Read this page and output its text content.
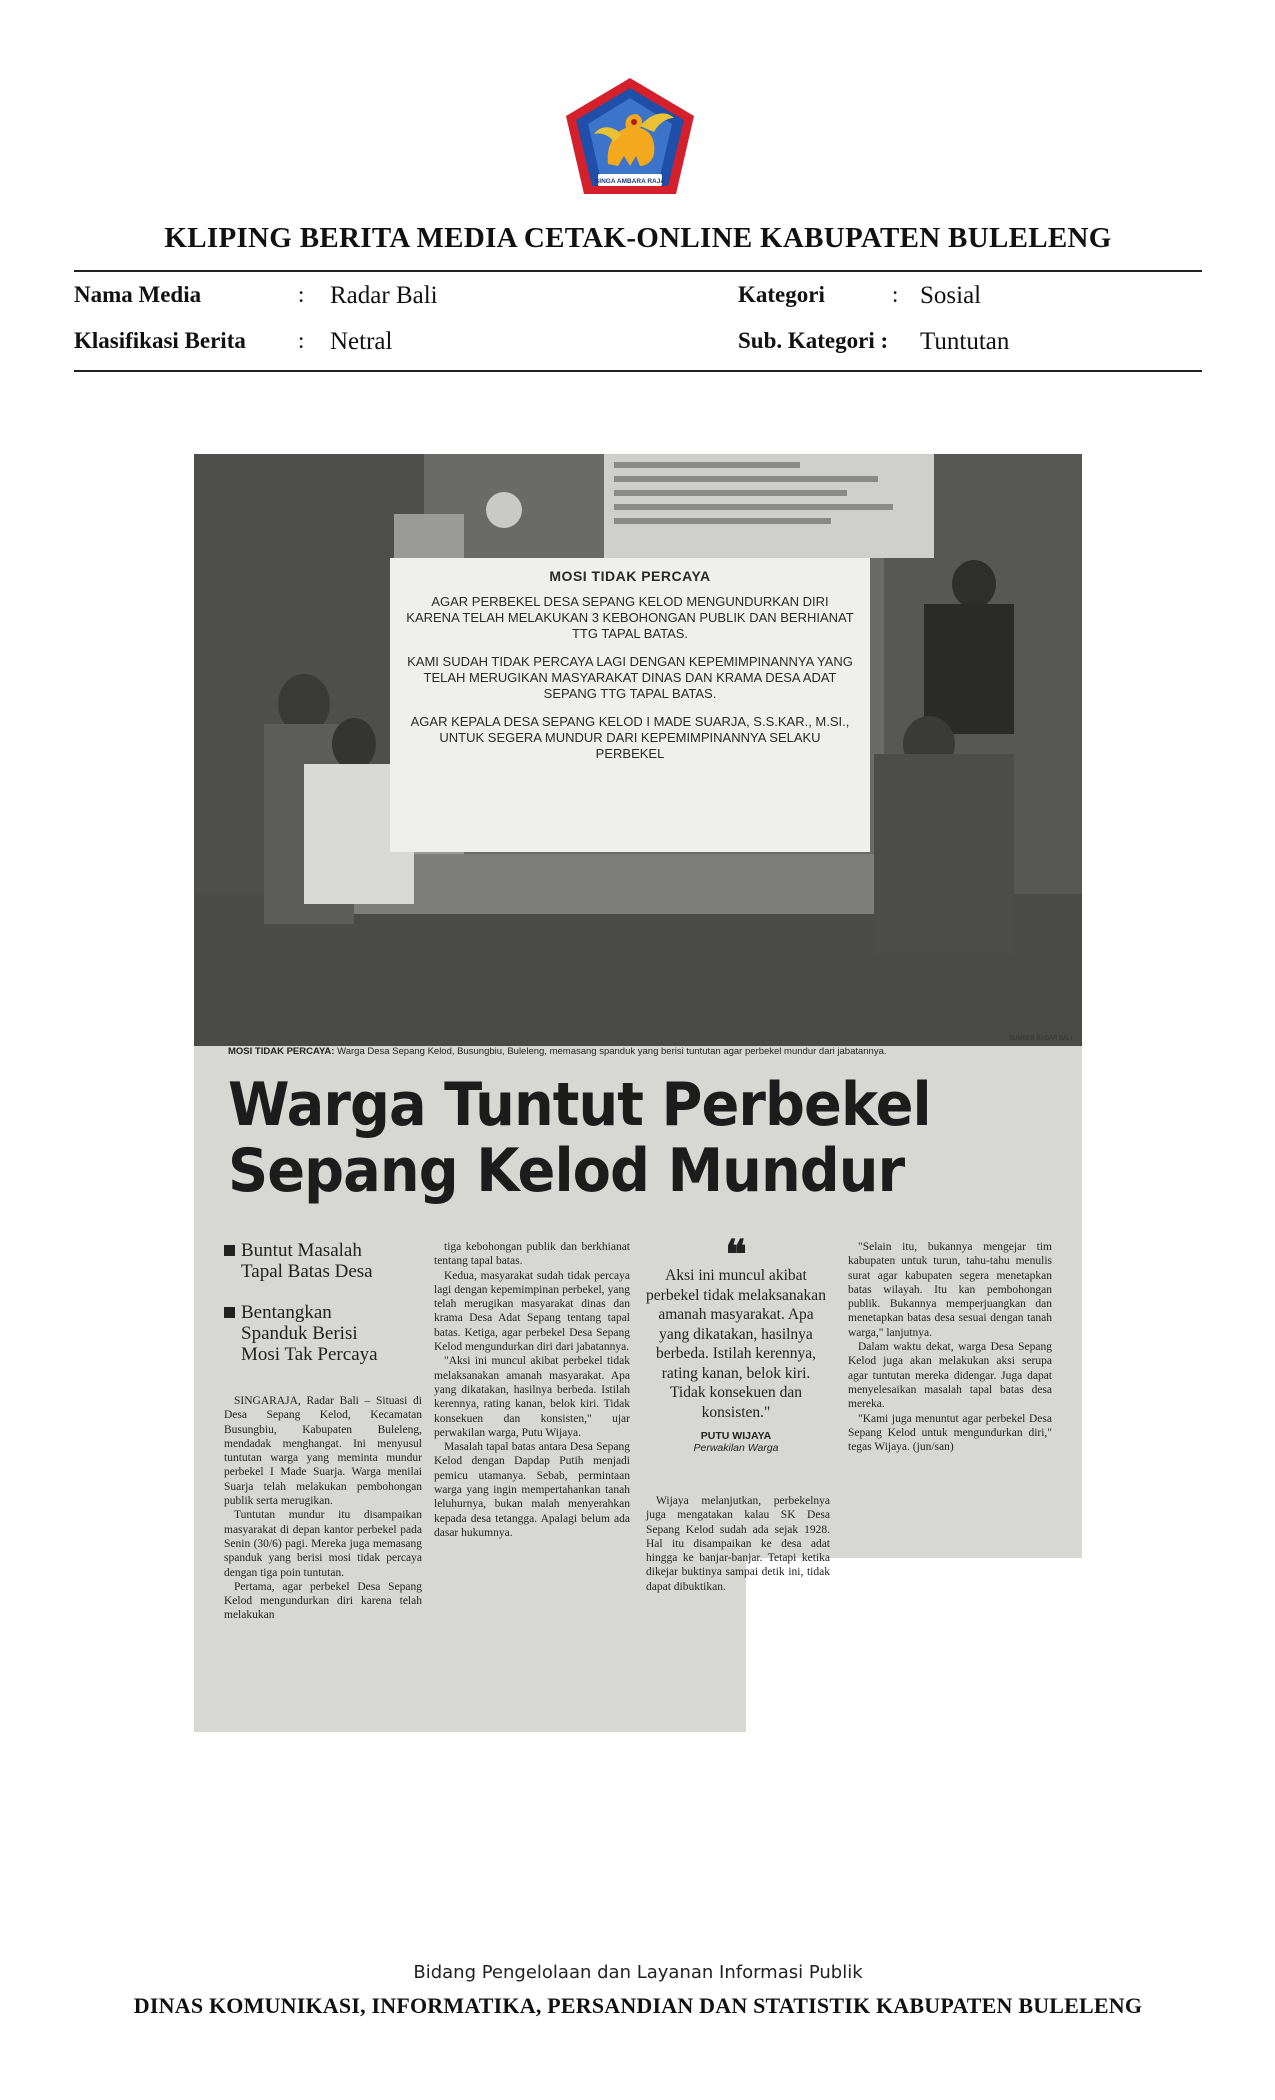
SINGA AMBARA RAJA
KLIPING BERITA MEDIA CETAK-ONLINE KABUPATEN BULELENG
Nama Media	: Radar Bali
Klasifikasi Berita : Netral
Kategori	: Sosial
Sub. Kategori : Tuntutan
MOSI TIDAK PERCAYA
AGAR PERBEKEL DESA SEPANG KELOD MENGUNDURKAN DIRI KARENA TELAH MELAKUKAN 3 KEBOHONGAN PUBLIK DAN BERHIANAT TTG TAPAL BATAS.
KAMI SUDAH TIDAK PERCAYA LAGI DENGAN KEPEMIMPINANNYA YANG TELAH MERUGIKAN MASYARAKAT DINAS DAN KRAMA DESA ADAT SEPANG TTG TAPAL BATAS.
AGAR KEPALA DESA SEPANG KELOD I MADE SUARJA, S.S.KAR., M.SI., UNTUK SEGERA MUNDUR DARI KEPEMIMPINANNYA SELAKU PERBEKEL
SUMBER RADAR BALI
MOSI TIDAK PERCAYA: Warga Desa Sepang Kelod, Busungbiu, Buleleng, memasang spanduk yang berisi tuntutan agar perbekel mundur dari jabatannya.
Warga Tuntut Perbekel
Sepang Kelod Mundur
Buntut Masalah
Tapal Batas Desa
Bentangkan
Spanduk Berisi
Mosi Tak Percaya

SINGARAJA, Radar Bali – Situasi di Desa Sepang Kelod, Kecamatan Busungbiu, Kabupaten Buleleng, mendadak menghangat. Ini menyusul tuntutan warga yang meminta mundur perbekel I Made Suarja. Warga menilai Suarja telah melakukan pembohongan publik serta merugikan.

Tuntutan mundur itu disampaikan masyarakat di depan kantor perbekel pada Senin (30/6) pagi. Mereka juga memasang spanduk yang berisi mosi tidak percaya dengan tiga poin tuntutan.

Pertama, agar perbekel Desa Sepang Kelod mengundurkan diri karena telah melakukan

tiga kebohongan publik dan berkhianat tentang tapal batas.

Kedua, masyarakat sudah tidak percaya lagi dengan kepemimpinan perbekel, yang telah merugikan masyarakat dinas dan krama Desa Adat Sepang tentang tapal batas. Ketiga, agar perbekel Desa Sepang Kelod mengundurkan diri dari jabatannya.

"Aksi ini muncul akibat perbekel tidak melaksanakan amanah masyarakat. Apa yang dikatakan, hasilnya berbeda. Istilah kerennya, rating kanan, belok kiri. Tidak konsekuen dan konsisten," ujar perwakilan warga, Putu Wijaya.

Masalah tapal batas antara Desa Sepang Kelod dengan Dapdap Putih menjadi pemicu utamanya. Sebab, permintaan warga yang ingin mempertahankan tanah leluhurnya, bukan malah menyerahkan kepada desa tetangga. Apalagi belum ada dasar hukumnya.

Wijaya melanjutkan, perbekelnya juga mengatakan kalau SK Desa Sepang Kelod sudah ada sejak 1928. Hal itu disampaikan ke desa adat hingga ke banjar-banjar. Tetapi ketika dikejar buktinya sampai detik ini, tidak dapat dibuktikan.

❝
Aksi ini muncul akibat perbekel tidak melaksanakan amanah masyarakat. Apa yang dikatakan, hasilnya berbeda. Istilah kerennya, rating kanan, belok kiri. Tidak konsekuen dan konsisten."
PUTU WIJAYA
Perwakilan Warga

"Selain itu, bukannya mengejar tim kabupaten untuk turun, tahu-tahu menulis surat agar kabupaten segera menetapkan batas wilayah. Itu kan pembohongan publik. Bukannya memperjuangkan dan menetapkan batas desa sesuai dengan tanah warga," lanjutnya.

Dalam waktu dekat, warga Desa Sepang Kelod juga akan melakukan aksi serupa agar tuntutan mereka didengar. Juga dapat menyelesaikan masalah tapal batas desa mereka.

"Kami juga menuntut agar perbekel Desa Sepang Kelod untuk mengundurkan diri," tegas Wijaya. (jun/san)

Bidang Pengelolaan dan Layanan Informasi Publik
DINAS KOMUNIKASI, INFORMATIKA, PERSANDIAN DAN STATISTIK KABUPATEN BULELENG
